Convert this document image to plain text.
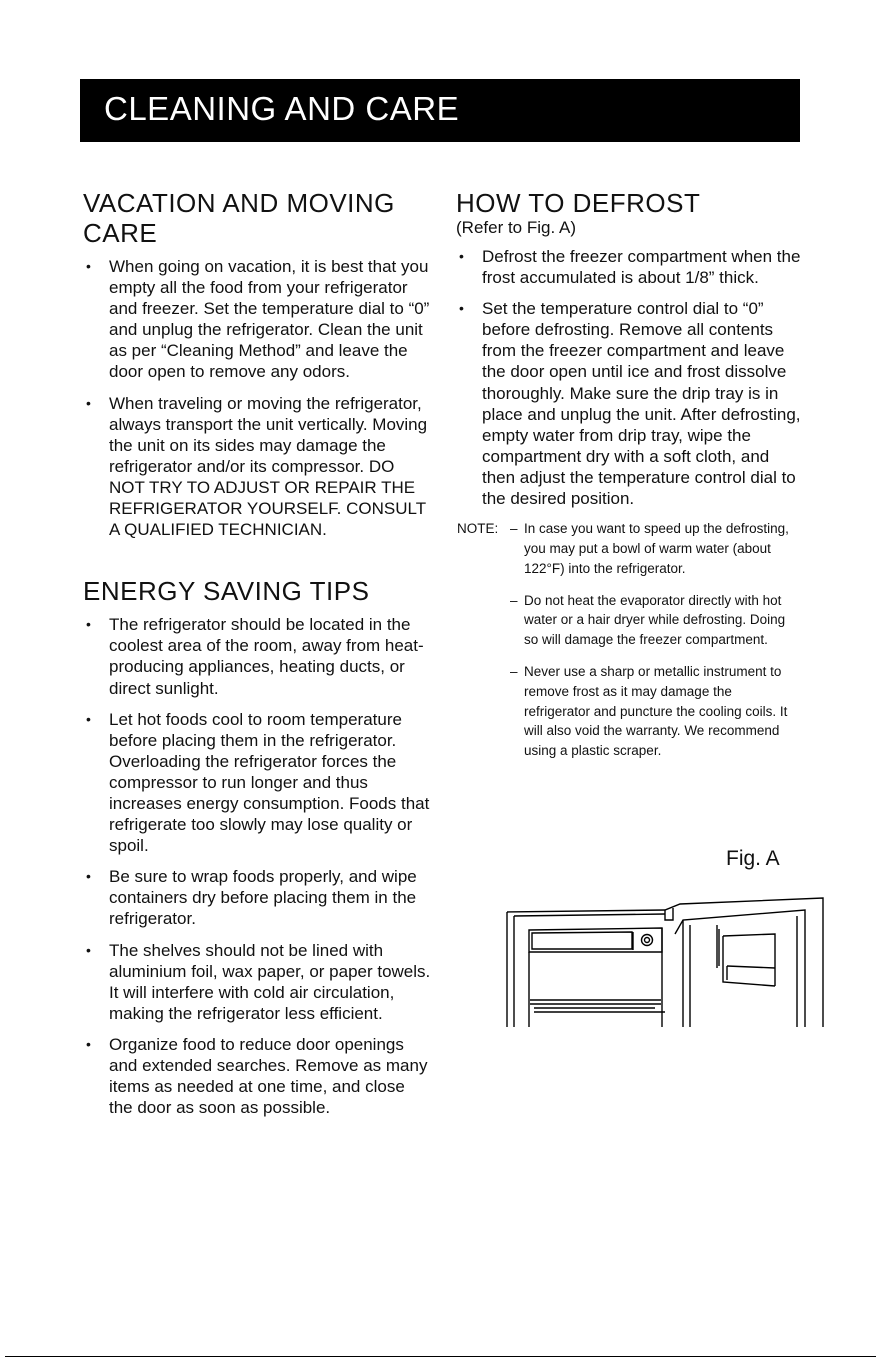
CLEANING AND CARE
VACATION AND MOVING CARE
• When going on vacation, it is best that you empty all the food from your refrigerator and freezer. Set the temperature dial to “0” and unplug the refrigerator. Clean the unit as per “Cleaning Method” and leave the door open to remove any odors.
• When traveling or moving the refrigerator, always transport the unit vertically. Moving the unit on its sides may damage the refrigerator and/or its compressor. DO NOT TRY TO ADJUST OR REPAIR THE REFRIGERATOR YOURSELF. CONSULT A QUALIFIED TECHNICIAN.
ENERGY SAVING TIPS
• The refrigerator should be located in the coolest area of the room, away from heat-producing appliances, heating ducts, or direct sunlight.
• Let hot foods cool to room temperature before placing them in the refrigerator. Overloading the refrigerator forces the compressor to run longer and thus increases energy consumption. Foods that refrigerate too slowly may lose quality or spoil.
• Be sure to wrap foods properly, and wipe containers dry before placing them in the refrigerator.
• The shelves should not be lined with aluminium foil, wax paper, or paper towels. It will interfere with cold air circulation, making the refrigerator less efficient.
• Organize food to reduce door openings and extended searches. Remove as many items as needed at one time, and close the door as soon as possible.
HOW TO DEFROST

(Refer to Fig. A)

• Defrost the freezer compartment when the frost accumulated is about 1/8” thick.
• Set the temperature control dial to “0” before defrosting. Remove all contents from the freezer compartment and leave the door open until ice and frost dissolve thoroughly. Make sure the drip tray is in place and unplug the unit. After defrosting, empty water from drip tray, wipe the compartment dry with a soft cloth, and then adjust the temperature control dial to the desired position.
NOTE: – In case you want to speed up the defrosting, you may put a bowl of warm water (about 122°F) into the refrigerator.
– Do not heat the evaporator directly with hot water or a hair dryer while defrosting. Doing so will damage the freezer compartment.
– Never use a sharp or metallic instrument to remove frost as it may damage the refrigerator and puncture the cooling coils. It will also void the warranty. We recommend using a plastic scraper.
Fig. A
